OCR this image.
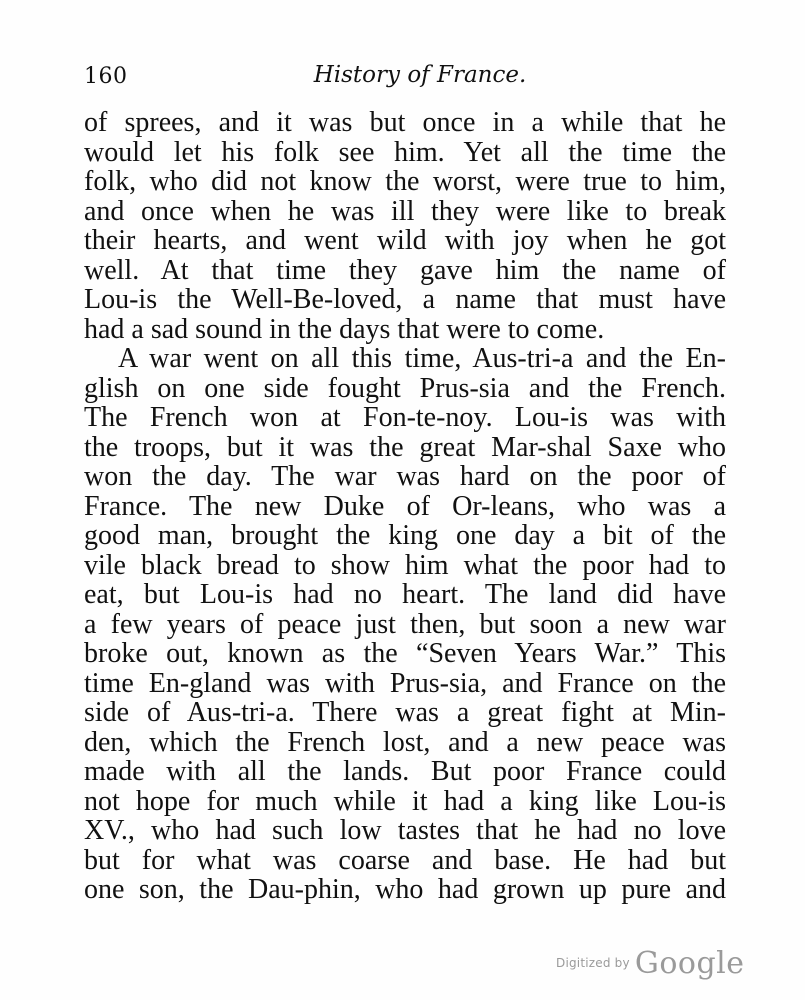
160	History of France.
of sprees, and it was but once in a while that he
would let his folk see him. Yet all the time the
folk, who did not know the worst, were true to him,
and once when he was ill they were like to break
their hearts, and went wild with joy when he got
well. At that time they gave him the name of
Lou-is the Well-Be-loved, a name that must have
had a sad sound in the days that were to come.
A war went on all this time, Aus-tri-a and the En-
glish on one side fought Prus-sia and the French.
The French won at Fon-te-noy. Lou-is was with
the troops, but it was the great Mar-shal Saxe who
won the day. The war was hard on the poor of
France. The new Duke of Or-leans, who was a
good man, brought the king one day a bit of the
vile black bread to show him what the poor had to
eat, but Lou-is had no heart. The land did have
a few years of peace just then, but soon a new war
broke out, known as the “Seven Years War.” This
time En-gland was with Prus-sia, and France on the
side of Aus-tri-a. There was a great fight at Min-
den, which the French lost, and a new peace was
made with all the lands. But poor France could
not hope for much while it had a king like Lou-is
XV., who had such low tastes that he had no love
but for what was coarse and base. He had but
one son, the Dau-phin, who had grown up pure and
$^{Digitized by}$ Google
